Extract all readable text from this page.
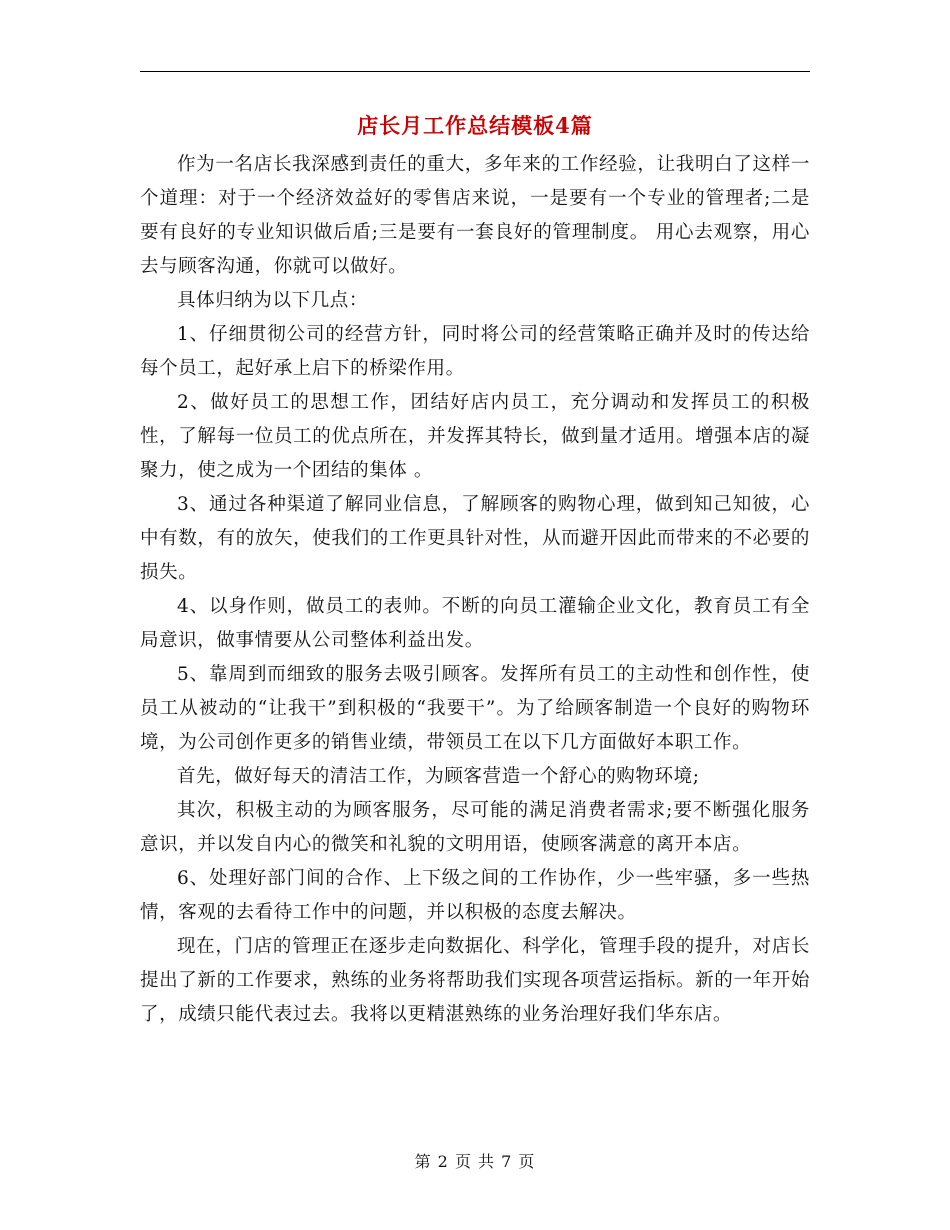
店长月工作总结模板4篇

作为一名店长我深感到责任的重大，多年来的工作经验，让我明白了这样一个道理：对于一个经济效益好的零售店来说，一是要有一个专业的管理者;二是要有良好的专业知识做后盾;三是要有一套良好的管理制度。 用心去观察，用心去与顾客沟通，你就可以做好。

具体归纳为以下几点：

1、仔细贯彻公司的经营方针，同时将公司的经营策略正确并及时的传达给每个员工，起好承上启下的桥梁作用。

2、做好员工的思想工作，团结好店内员工，充分调动和发挥员工的积极性，了解每一位员工的优点所在，并发挥其特长，做到量才适用。增强本店的凝聚力，使之成为一个团结的集体 。

3、通过各种渠道了解同业信息，了解顾客的购物心理，做到知己知彼，心中有数，有的放矢，使我们的工作更具针对性，从而避开因此而带来的不必要的损失。

4、以身作则，做员工的表帅。不断的向员工灌输企业文化，教育员工有全局意识，做事情要从公司整体利益出发。

5、靠周到而细致的服务去吸引顾客。发挥所有员工的主动性和创作性，使员工从被动的“让我干”到积极的“我要干”。为了给顾客制造一个良好的购物环境，为公司创作更多的销售业绩，带领员工在以下几方面做好本职工作。

首先，做好每天的清洁工作，为顾客营造一个舒心的购物环境;

其次，积极主动的为顾客服务，尽可能的满足消费者需求;要不断强化服务意识，并以发自内心的微笑和礼貌的文明用语，使顾客满意的离开本店。

6、处理好部门间的合作、上下级之间的工作协作，少一些牢骚，多一些热情，客观的去看待工作中的问题，并以积极的态度去解决。

现在，门店的管理正在逐步走向数据化、科学化，管理手段的提升，对店长提出了新的工作要求，熟练的业务将帮助我们实现各项营运指标。新的一年开始了，成绩只能代表过去。我将以更精湛熟练的业务治理好我们华东店。

第 2 页 共 7 页
